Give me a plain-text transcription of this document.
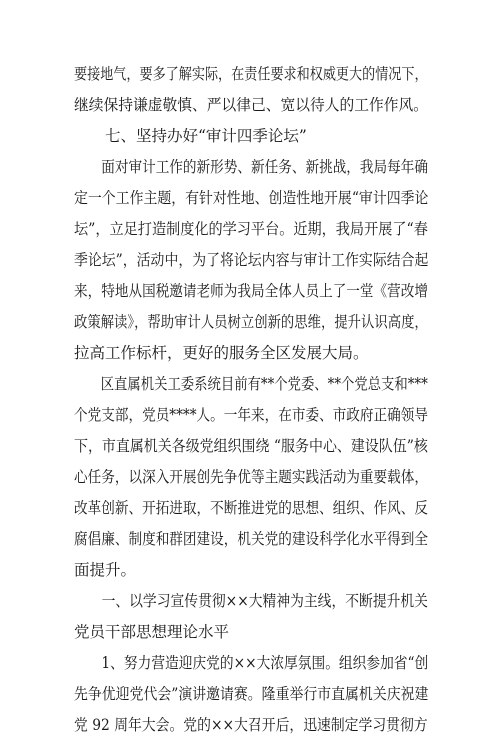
要接地气，要多了解实际，在责任要求和权威更大的情况下，
继续保持谦虚敬慎、严以律己、宽以待人的工作作风。
　　七、坚持办好“审计四季论坛”
　　面对审计工作的新形势、新任务、新挑战，我局每年确
定一个工作主题，有针对性地、创造性地开展“审计四季论
坛”，立足打造制度化的学习平台。近期，我局开展了“春
季论坛”，活动中，为了将论坛内容与审计工作实际结合起
来，特地从国税邀请老师为我局全体人员上了一堂《营改增
政策解读》，帮助审计人员树立创新的思维，提升认识高度，
拉高工作标杆，更好的服务全区发展大局。
　　区直属机关工委系统目前有**个党委、**个党总支和***
个党支部，党员****人。一年来，在市委、市政府正确领导
下，市直属机关各级党组织围绕 “服务中心、建设队伍”核
心任务，以深入开展创先争优等主题实践活动为重要载体，
改革创新、开拓进取，不断推进党的思想、组织、作风、反
腐倡廉、制度和群团建设，机关党的建设科学化水平得到全
面提升。
　　一、以学习宣传贯彻××大精神为主线，不断提升机关
党员干部思想理论水平
　　1、努力营造迎庆党的××大浓厚氛围。组织参加省“创
先争优迎党代会”演讲邀请赛。隆重举行市直属机关庆祝建
党 92 周年大会。党的××大召开后，迅速制定学习贯彻方
